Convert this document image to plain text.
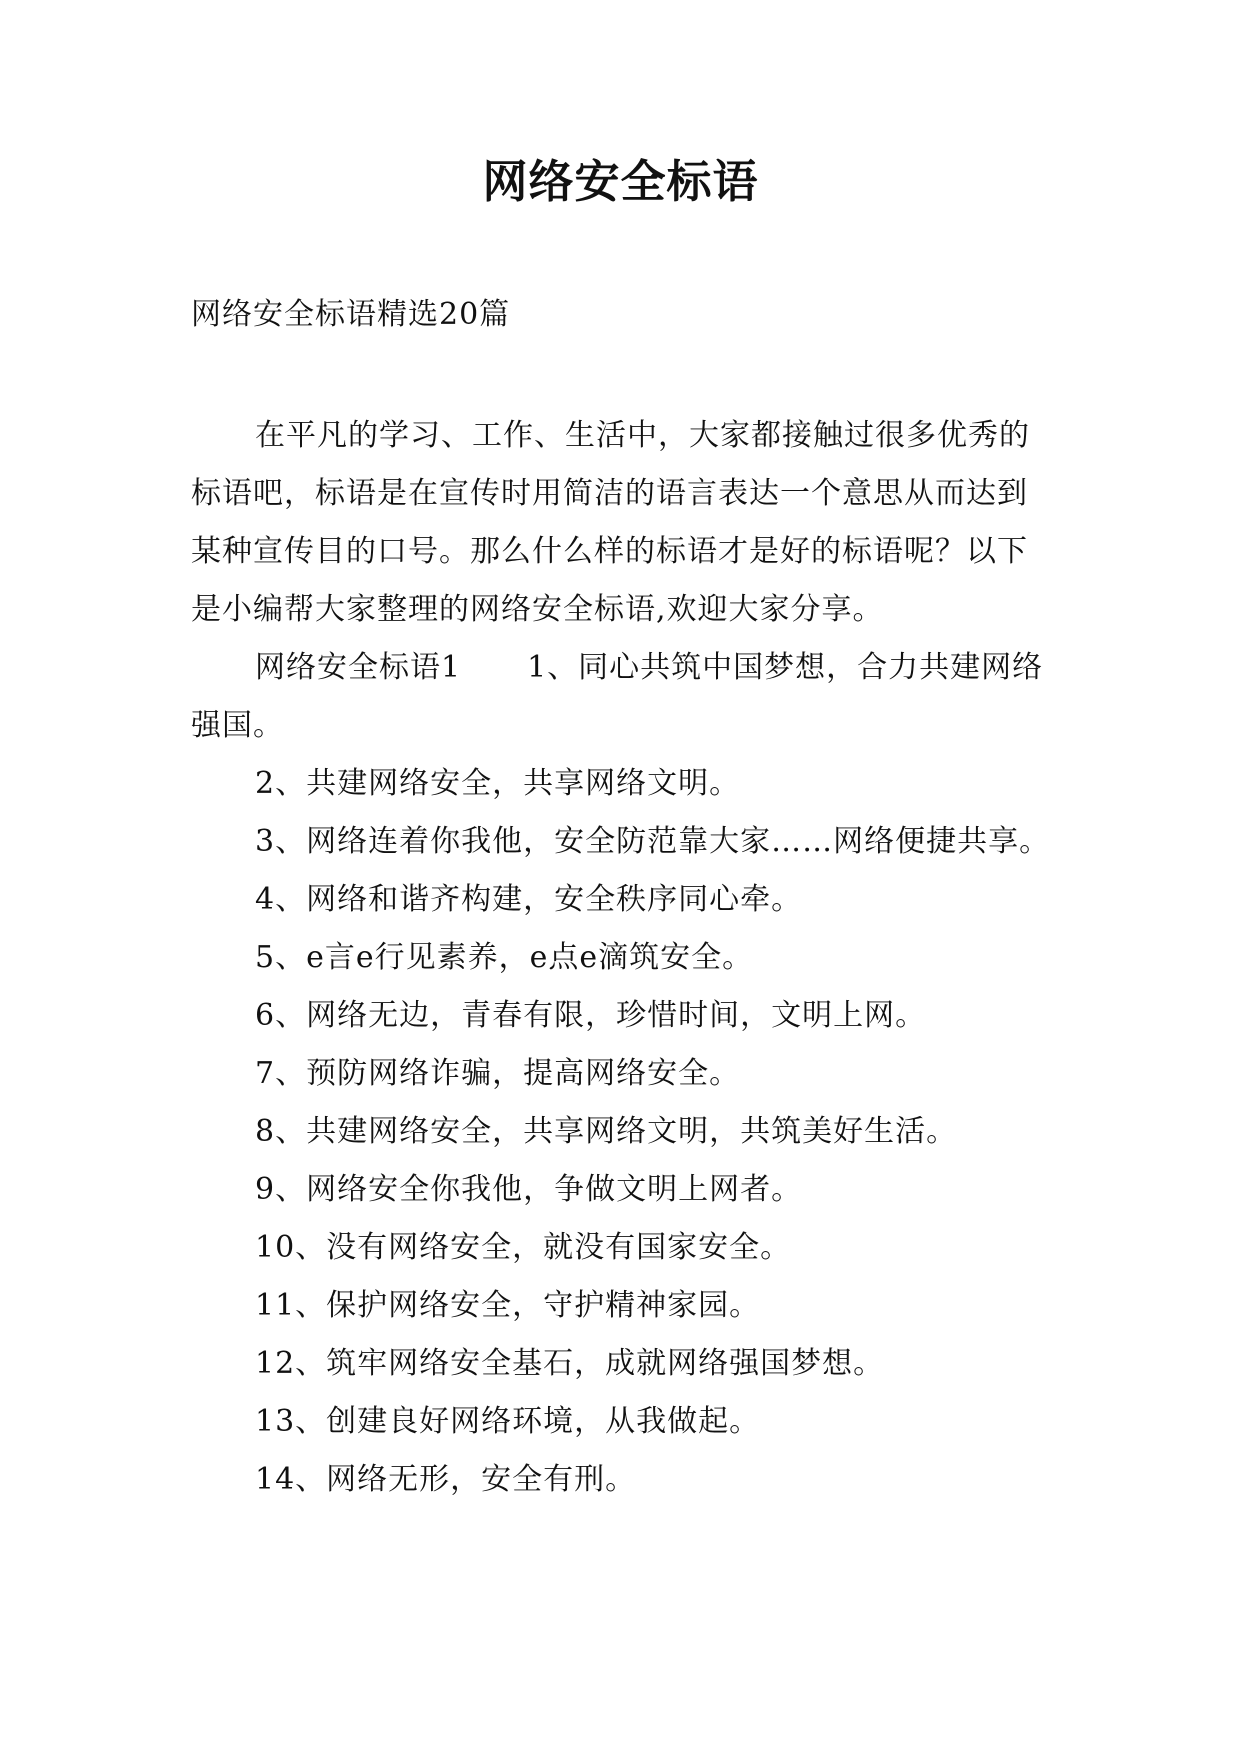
网络安全标语
网络安全标语精选20篇
在平凡的学习、工作、生活中，大家都接触过很多优秀的标语吧，标语是在宣传时用简洁的语言表达一个意思从而达到某种宣传目的口号。那么什么样的标语才是好的标语呢？以下是小编帮大家整理的网络安全标语,欢迎大家分享。

网络安全标语1 1、同心共筑中国梦想，合力共建网络强国。

2、共建网络安全，共享网络文明。

3、网络连着你我他，安全防范靠大家……网络便捷共享。

4、网络和谐齐构建，安全秩序同心牵。

5、e言e行见素养，e点e滴筑安全。

6、网络无边，青春有限，珍惜时间，文明上网。

7、预防网络诈骗，提高网络安全。

8、共建网络安全，共享网络文明，共筑美好生活。

9、网络安全你我他，争做文明上网者。

10、没有网络安全，就没有国家安全。

11、保护网络安全，守护精神家园。

12、筑牢网络安全基石，成就网络强国梦想。

13、创建良好网络环境，从我做起。

14、网络无形，安全有刑。
